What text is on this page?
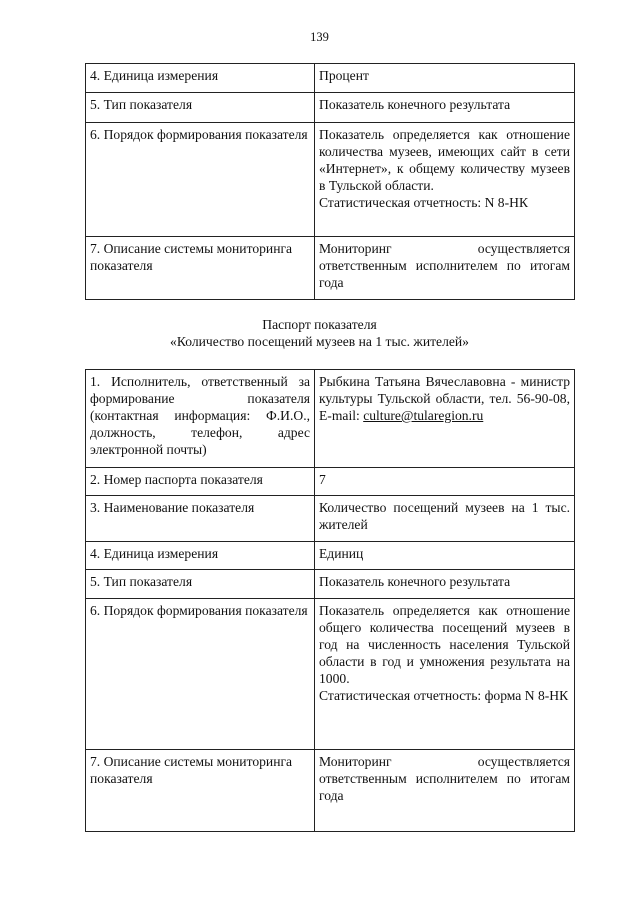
139
4. Единица измерения	Процент

5. Тип показателя	Показатель конечного результата

6. Порядок формирования показателя	Показатель определяется как отношение количества музеев, имеющих сайт в сети «Интернет», к общему количеству музеев в Тульской области.
Статистическая отчетность: N 8-НК

7. Описание системы мониторинга показателя	Мониторинг осуществляется ответственным исполнителем по итогам года
Паспорт показателя
«Количество посещений музеев на 1 тыс. жителей»
1. Исполнитель, ответственный за формирование показателя (контактная информация: Ф.И.О., должность, телефон, адрес электронной почты)	Рыбкина Татьяна Вячеславовна - министр культуры Тульской области, тел. 56-90-08, E-mail: culture@tularegion.ru
2. Номер паспорта показателя	7
3. Наименование показателя	Количество посещений музеев на 1 тыс. жителей
4. Единица измерения	Единиц
5. Тип показателя	Показатель конечного результата
6. Порядок формирования показателя	Показатель определяется как отношение общего количества посещений музеев в год на численность населения Тульской области в год и умножения результата на 1000.
Статистическая отчетность: форма N 8-НК

7. Описание системы мониторинга показателя	Мониторинг осуществляется ответственным исполнителем по итогам года
